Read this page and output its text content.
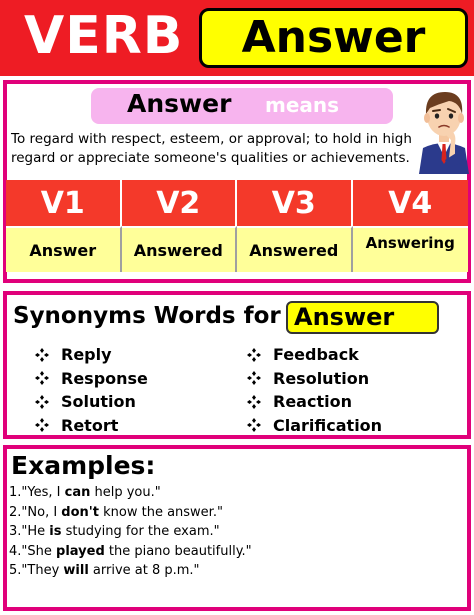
VERB	Answer
Answer means
To regard with respect, esteem, or approval; to hold in high regard or appreciate someone's qualities or achievements.
V1	V2	V3	V4
Answer	Answered	Answered	Answering
Synonyms Words for Answer
Reply
Response
Solution
Retort
Feedback
Resolution
Reaction
Clarification
Examples:
1."Yes, I can help you."
2."No, I don't know the answer."
3."He is studying for the exam."
4."She played the piano beautifully."
5."They will arrive at 8 p.m."
